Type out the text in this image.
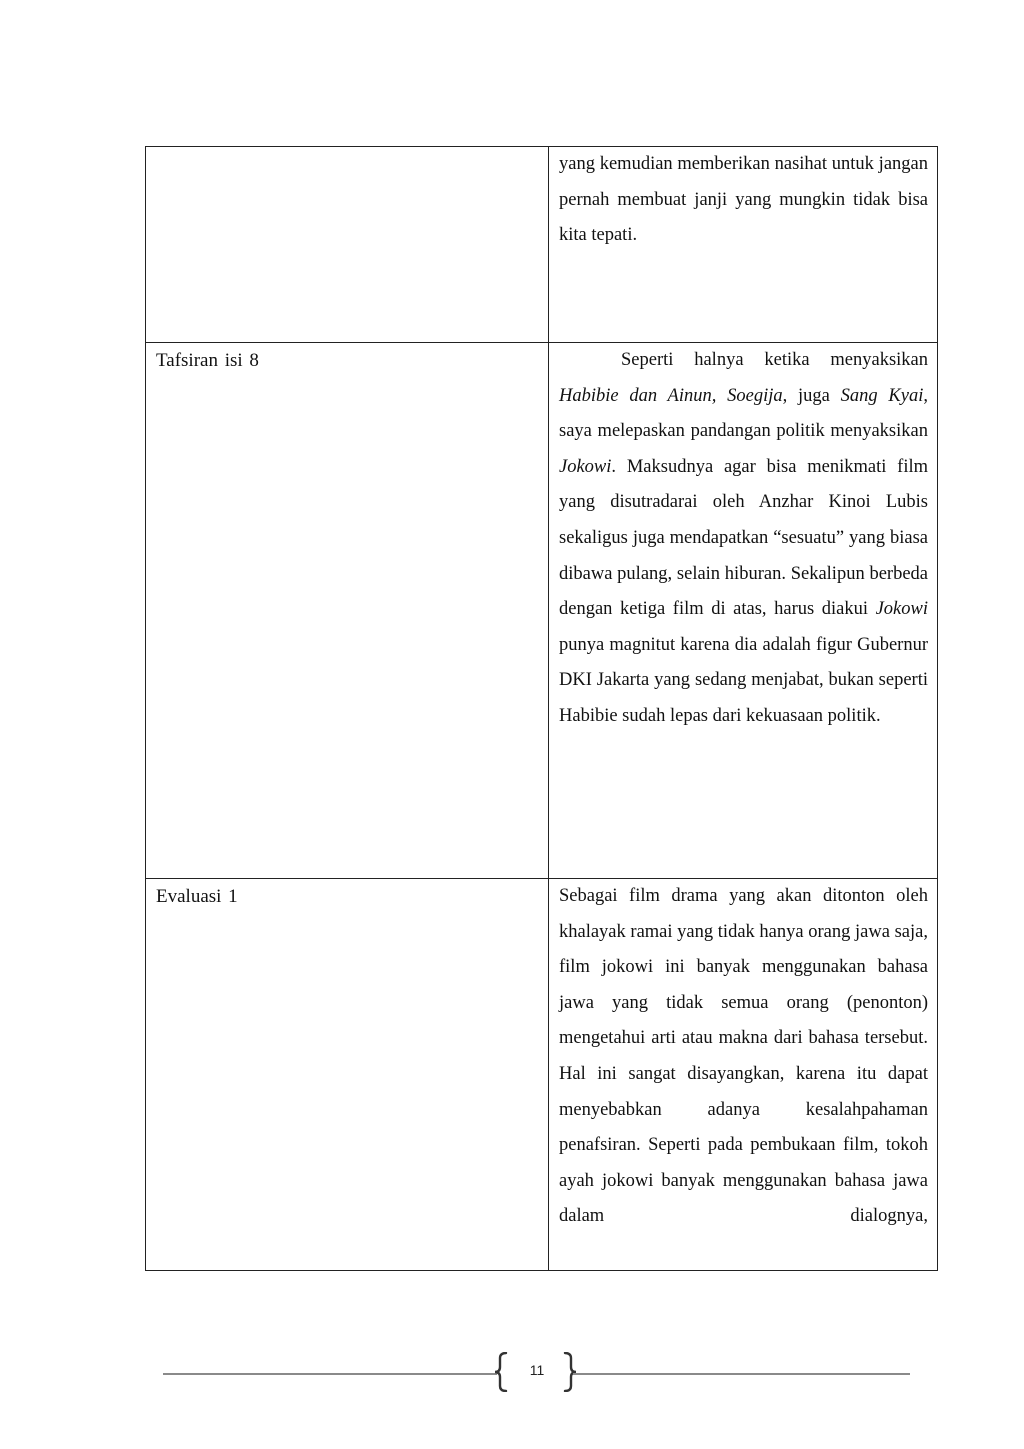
	yang kemudian memberikan nasihat untuk jangan pernah membuat janji yang mungkin tidak bisa kita tepati.

Tafsiran isi 8	Seperti halnya ketika menyaksikan Habibie dan Ainun, Soegija, juga Sang Kyai, saya melepaskan pandangan politik menyaksikan Jokowi. Maksudnya agar bisa menikmati film yang disutradarai oleh Anzhar Kinoi Lubis sekaligus juga mendapatkan “sesuatu” yang biasa dibawa pulang, selain hiburan. Sekalipun berbeda dengan ketiga film di atas, harus diakui Jokowi punya magnitut karena dia adalah figur Gubernur DKI Jakarta yang sedang menjabat, bukan seperti Habibie sudah lepas dari kekuasaan politik.

Evaluasi 1	Sebagai film drama yang akan ditonton oleh khalayak ramai yang tidak hanya orang jawa saja, film jokowi ini banyak menggunakan bahasa jawa yang tidak semua orang (penonton) mengetahui arti atau makna dari bahasa tersebut. Hal ini sangat disayangkan, karena itu dapat menyebabkan adanya kesalahpahaman penafsiran. Seperti pada pembukaan film, tokoh ayah jokowi banyak menggunakan bahasa jawa dalam dialognya,

11
